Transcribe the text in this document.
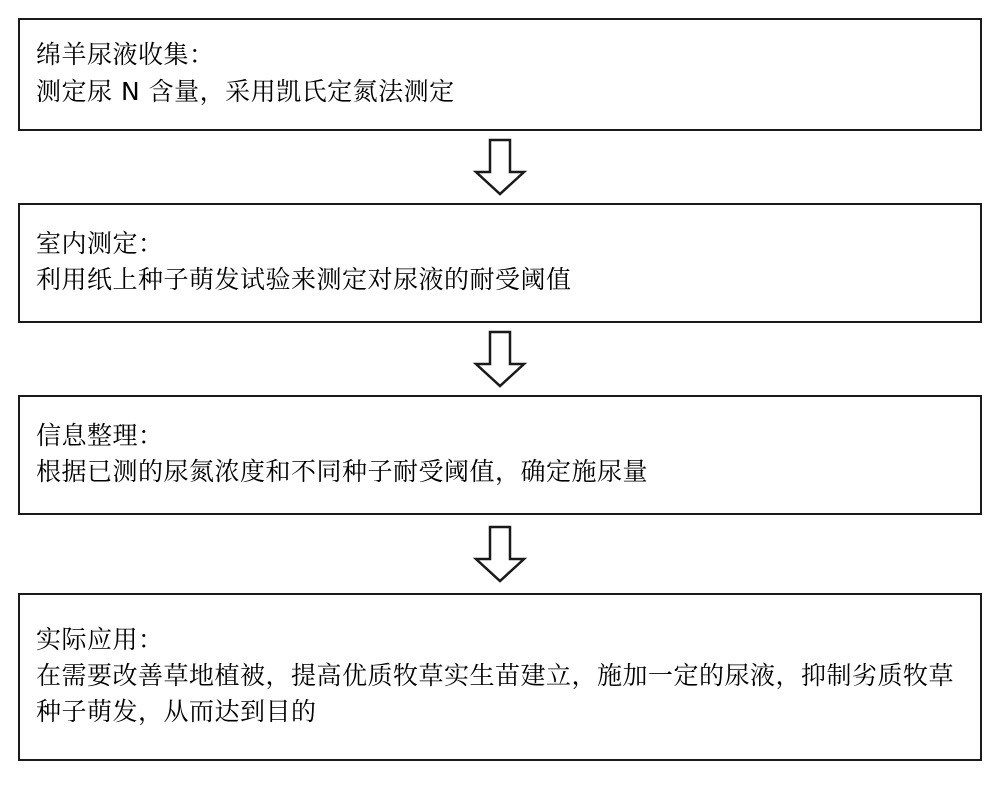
绵羊尿液收集：
测定尿 N 含量，采用凯氏定氮法测定
室内测定：
利用纸上种子萌发试验来测定对尿液的耐受阈值
信息整理：
根据已测的尿氮浓度和不同种子耐受阈值，确定施尿量
实际应用：
在需要改善草地植被，提高优质牧草实生苗建立，施加一定的尿液，抑制劣质牧草种子萌发，从而达到目的
